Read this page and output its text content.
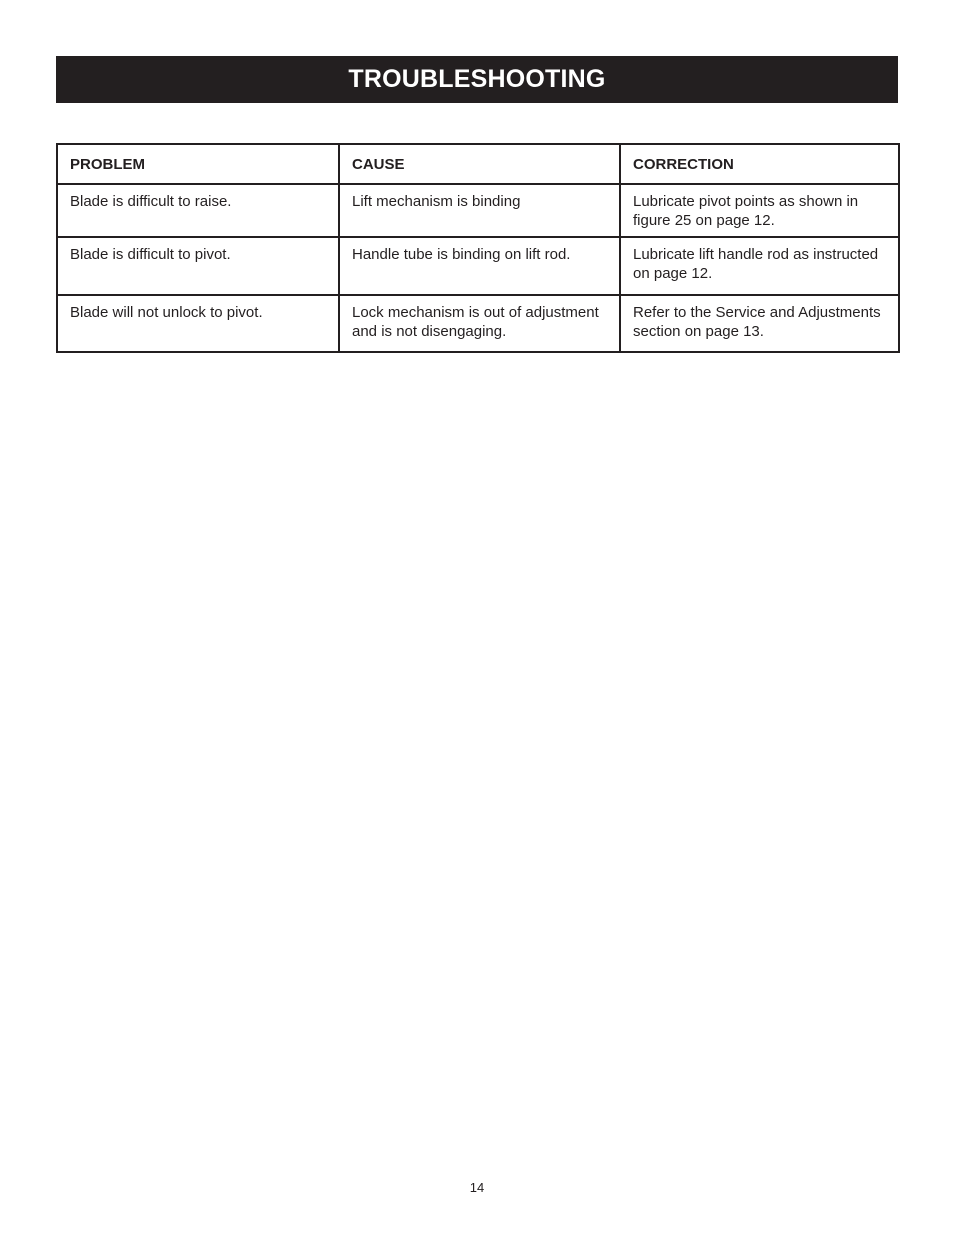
TROUBLESHOOTING
PROBLEM	CAUSE	CORRECTION
Blade is difficult to raise.	Lift mechanism is binding	Lubricate pivot points as shown in figure 25 on page 12.
Blade is difficult to pivot.	Handle tube is binding on lift rod.	Lubricate lift handle rod as instructed on page 12.
Blade will not unlock to pivot.	Lock mechanism is out of adjustment and is not disengaging.	Refer to the Service and Adjustments section on page 13.
14
